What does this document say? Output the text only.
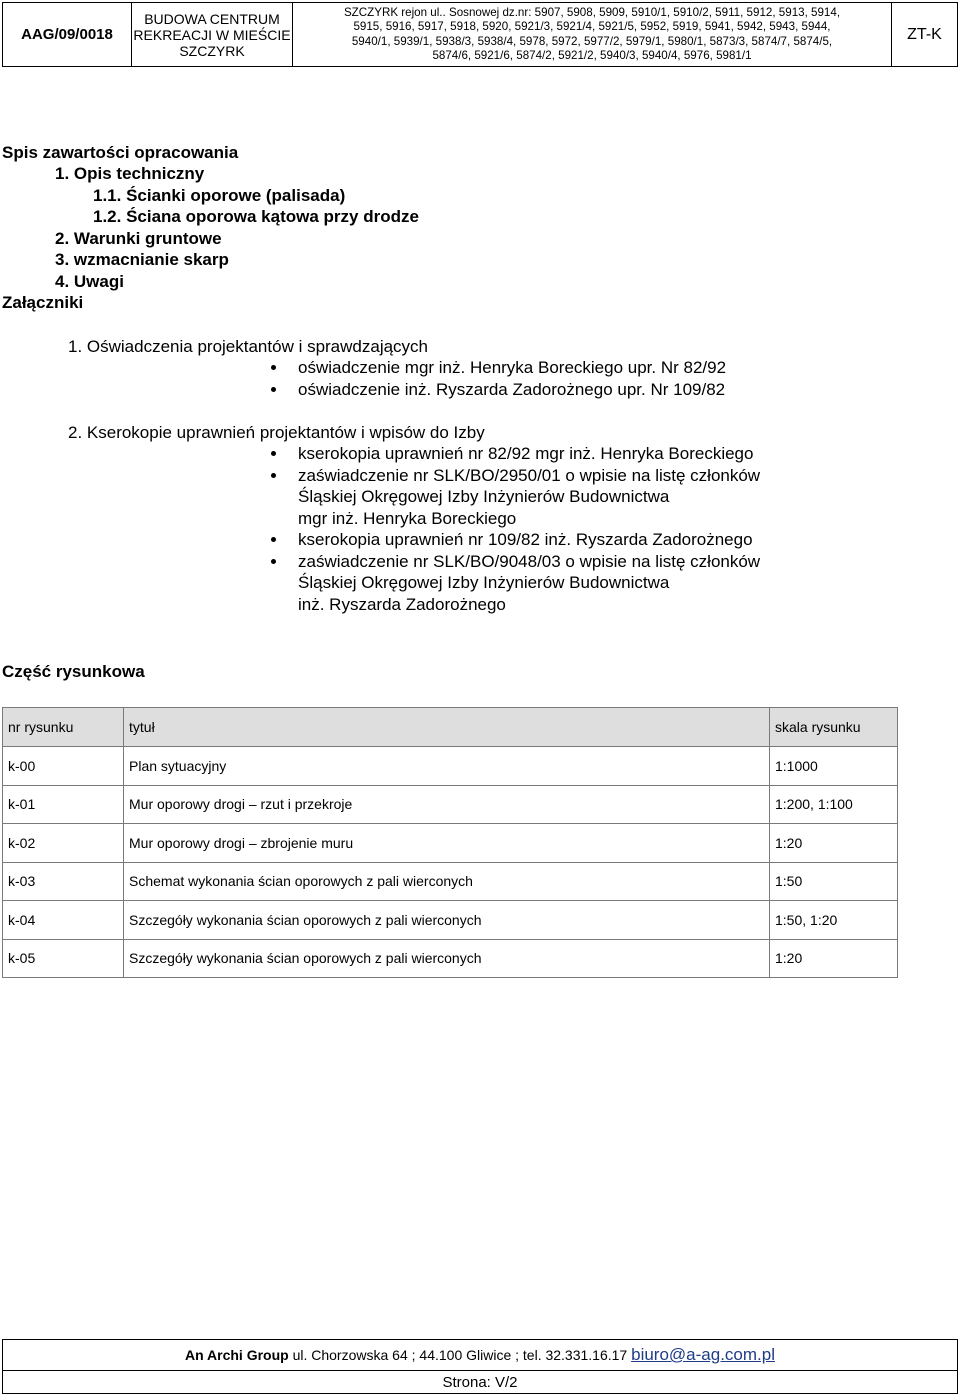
AAG/09/0018	
BUDOWA CENTRUM
REKREACJI W MIEŚCIE
SZCZYRK

SZCZYRK rejon ul.. Sosnowej dz.nr: 5907, 5908, 5909, 5910/1, 5910/2, 5911, 5912, 5913, 5914,
5915, 5916, 5917, 5918, 5920, 5921/3, 5921/4, 5921/5, 5952, 5919, 5941, 5942, 5943, 5944,
5940/1, 5939/1, 5938/3, 5938/4, 5978, 5972, 5977/2, 5979/1, 5980/1, 5873/3, 5874/7, 5874/5,
5874/6, 5921/6, 5874/2, 5921/2, 5940/3, 5940/4, 5976, 5981/1
	ZT-K
Spis zawartości opracowania
1. Opis techniczny
1.1. Ścianki oporowe (palisada)
1.2. Ściana oporowa kątowa przy drodze
2. Warunki gruntowe
3. wzmacnianie skarp
4. Uwagi
Załączniki
1. Oświadczenia projektantów i sprawdzających
oświadczenie mgr inż. Henryka Boreckiego upr. Nr 82/92
oświadczenie inż. Ryszarda Zadorożnego upr. Nr 109/82
2. Kserokopie uprawnień projektantów i wpisów do Izby
kserokopia uprawnień nr 82/92 mgr inż. Henryka Boreckiego
zaświadczenie nr SLK/BO/2950/01 o wpisie na listę członków
Śląskiej Okręgowej Izby Inżynierów Budownictwa
mgr inż. Henryka Boreckiego
kserokopia uprawnień nr 109/82 inż. Ryszarda Zadorożnego
zaświadczenie nr SLK/BO/9048/03 o wpisie na listę członków
Śląskiej Okręgowej Izby Inżynierów Budownictwa
inż. Ryszarda Zadorożnego
Część rysunkowa
nr rysunku	tytuł	skala rysunku
k-00	Plan sytuacyjny	1:1000
k-01	Mur oporowy drogi – rzut i przekroje	1:200, 1:100
k-02	Mur oporowy drogi – zbrojenie muru	1:20
k-03	Schemat wykonania ścian oporowych z pali wierconych	1:50
k-04	Szczegóły wykonania ścian oporowych z pali wierconych	1:50, 1:20
k-05	Szczegóły wykonania ścian oporowych z pali wierconych	1:20
An Archi Group ul. Chorzowska 64 ; 44.100 Gliwice ; tel. 32.331.16.17 biuro@a-ag.com.pl
Strona: V/2
